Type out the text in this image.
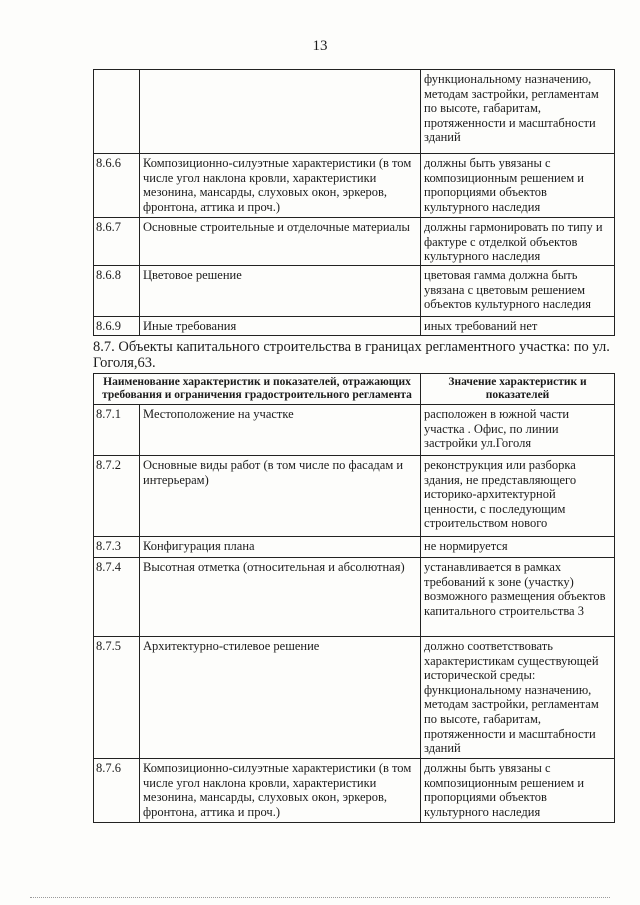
13
		функциональному назначению, методам застройки, регламентам по высоте, габаритам, протяженности и масштабности зданий
8.6.6	Композиционно-силуэтные характеристики (в том числе угол наклона кровли, характеристики мезонина, мансарды, слуховых окон, эркеров, фронтона, аттика и проч.)	должны быть увязаны с композиционным решением и пропорциями объектов культурного наследия
8.6.7	Основные строительные и отделочные материалы	должны гармонировать по типу и фактуре с отделкой объектов культурного наследия
8.6.8	Цветовое решение	цветовая гамма должна быть увязана с цветовым решением объектов культурного наследия
8.6.9	Иные требования	иных требований нет
8.7. Объекты капитального строительства в границах регламентного участка: по ул. Гоголя,63.
Наименование характеристик и показателей, отражающих требования и ограничения градостроительного регламента		Значение характеристик и показателей
8.7.1	Местоположение на участке	расположен в южной части участка . Офис, по линии застройки ул.Гоголя
8.7.2	Основные виды работ (в том числе по фасадам и интерьерам)	реконструкция или разборка здания, не представляющего историко-архитектурной ценности, с последующим строительством нового
8.7.3	Конфигурация плана	не нормируется
8.7.4	Высотная отметка (относительная и абсолютная)	устанавливается в рамках требований к зоне (участку) возможного размещения объектов капитального строительства 3
8.7.5	Архитектурно-стилевое решение	должно соответствовать характеристикам существующей исторической среды: функциональному назначению, методам застройки, регламентам по высоте, габаритам, протяженности и масштабности зданий
8.7.6	Композиционно-силуэтные характеристики (в том числе угол наклона кровли, характеристики мезонина, мансарды, слуховых окон, эркеров, фронтона, аттика и проч.)	должны быть увязаны с композиционным решением и пропорциями объектов культурного наследия
